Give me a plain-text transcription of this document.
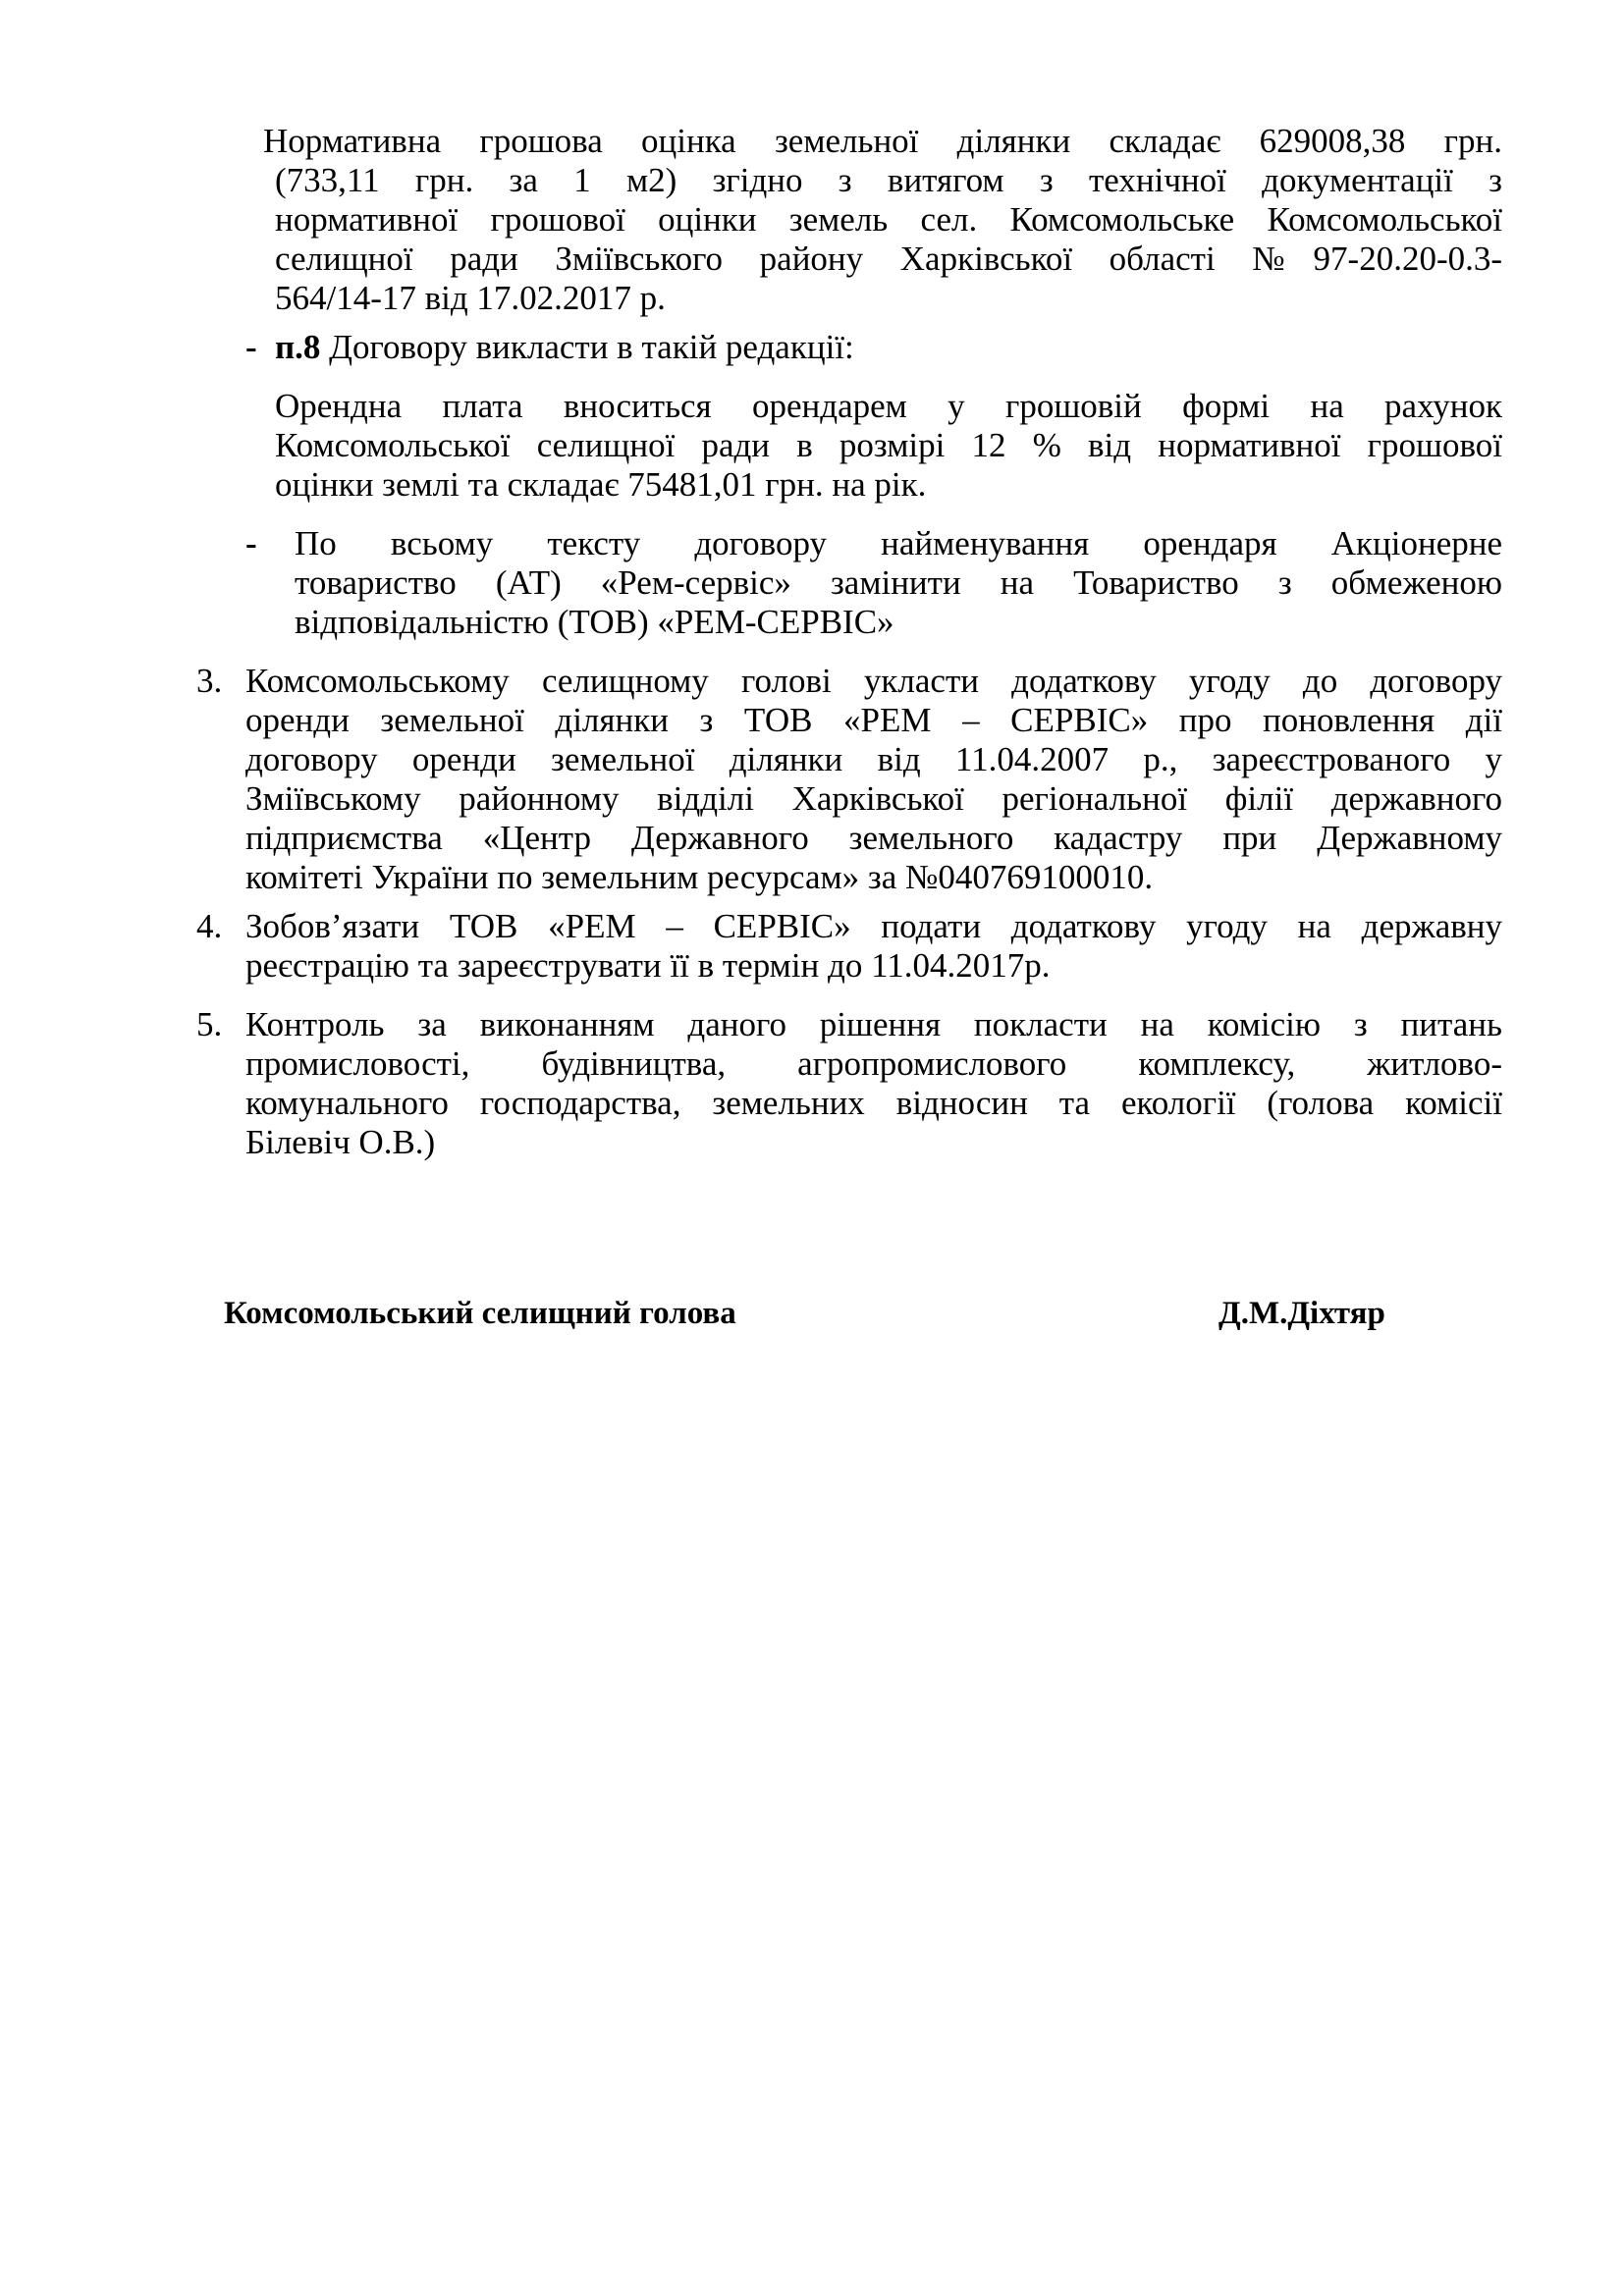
Нормативна грошова оцінка земельної ділянки складає 629008,38 грн.
(733,11 грн. за 1 м2) згідно з витягом з технічної документації з
нормативної грошової оцінки земель сел. Комсомольське Комсомольської
селищної ради Зміївського району Харківської області №97-20.20-0.3-
564/14-17 від 17.02.2017 р.
- п.8 Договору викласти в такій редакції:
Орендна плата вноситься орендарем у грошовій формі на рахунок
Комсомольської селищної ради в розмірі 12 % від нормативної грошової
оцінки землі та складає 75481,01 грн. на рік.
- По всьому тексту договору найменування орендаря Акціонерне
товариство (АТ) «Рем-сервіс» замінити на Товариство з обмеженою
відповідальністю (ТОВ) «РЕМ-СЕРВІС»
3. Комсомольському селищному голові укласти додаткову угоду до договору
оренди земельної ділянки з ТОВ «РЕМ – СЕРВІС» про поновлення дії
договору оренди земельної ділянки від 11.04.2007 р., зареєстрованого у
Зміївському районному відділі Харківської регіональної філії державного
підприємства «Центр Державного земельного кадастру при Державному
комітеті України по земельним ресурсам» за №040769100010.
4. Зобов’язати ТОВ «РЕМ – СЕРВІС» подати додаткову угоду на державну
реєстрацію та зареєструвати її в термін до 11.04.2017р.
5. Контроль за виконанням даного рішення покласти на комісію з питань
промисловості, будівництва, агропромислового комплексу, житлово-
комунального господарства, земельних відносин та екології (голова комісії
Білевіч О.В.)
Комсомольський селищний голова	Д.М.Діхтяр
